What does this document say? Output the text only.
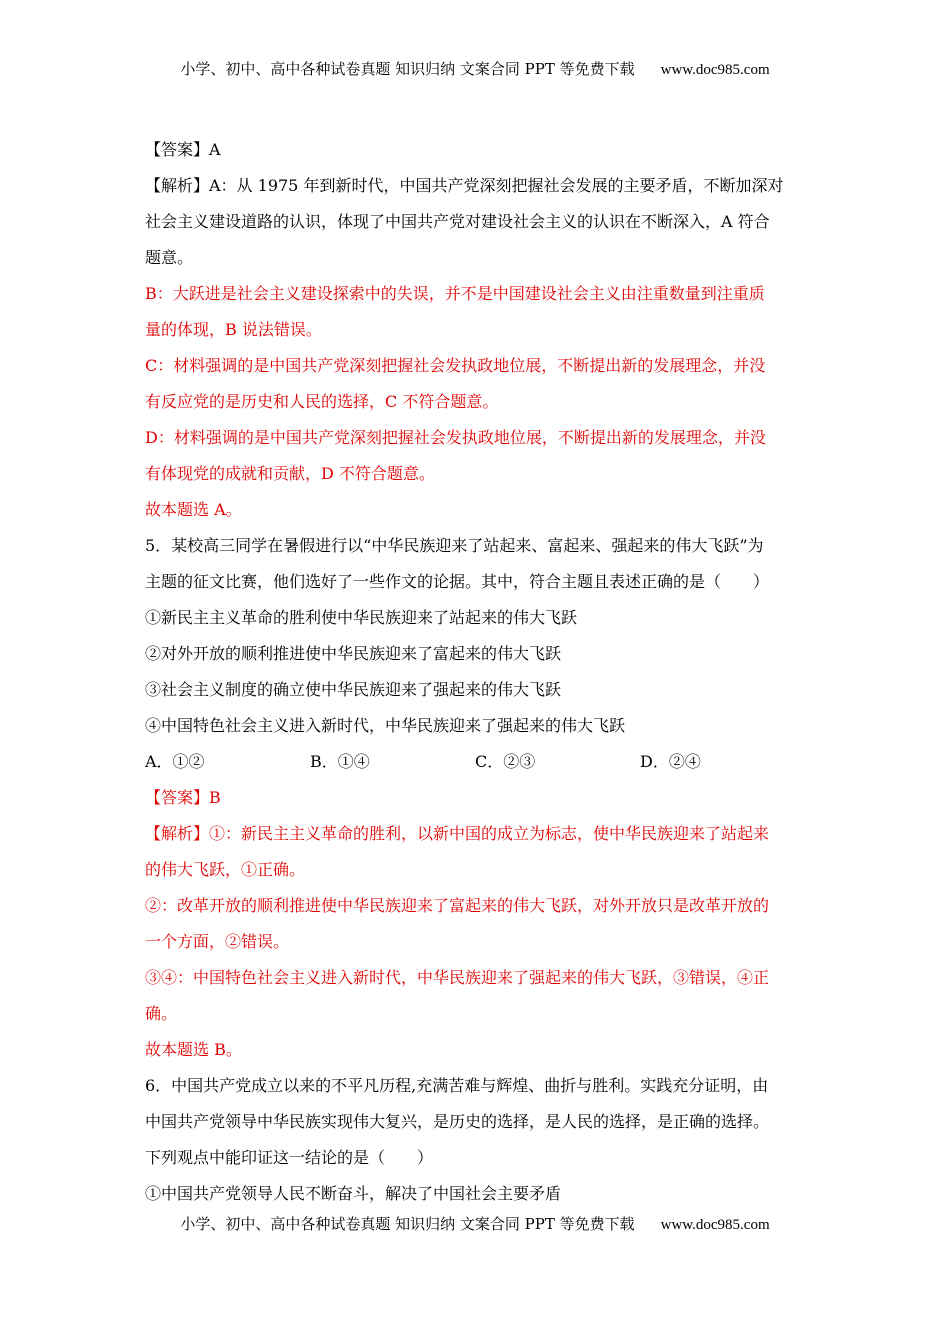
小学、初中、高中各种试卷真题 知识归纳 文案合同 PPT 等免费下载 www.doc985.com
【答案】A
【解析】A：从 1975 年到新时代，中国共产党深刻把握社会发展的主要矛盾，不断加深对
社会主义建设道路的认识，体现了中国共产党对建设社会主义的认识在不断深入，A 符合
题意。
B：大跃进是社会主义建设探索中的失误，并不是中国建设社会主义由注重数量到注重质
量的体现，B 说法错误。
C：材料强调的是中国共产党深刻把握社会发执政地位展，不断提出新的发展理念，并没
有反应党的是历史和人民的选择，C 不符合题意。
D：材料强调的是中国共产党深刻把握社会发执政地位展，不断提出新的发展理念，并没
有体现党的成就和贡献，D 不符合题意。
故本题选 A。
5．某校高三同学在暑假进行以“中华民族迎来了站起来、富起来、强起来的伟大飞跃”为
主题的征文比赛，他们选好了一些作文的论据。其中，符合主题且表述正确的是（　　）
①新民主主义革命的胜利使中华民族迎来了站起来的伟大飞跃
②对外开放的顺利推进使中华民族迎来了富起来的伟大飞跃
③社会主义制度的确立使中华民族迎来了强起来的伟大飞跃
④中国特色社会主义进入新时代，中华民族迎来了强起来的伟大飞跃
A．①②	B．①④	C．②③	D．②④
【答案】B
【解析】①：新民主主义革命的胜利，以新中国的成立为标志，使中华民族迎来了站起来
的伟大飞跃，①正确。
②：改革开放的顺利推进使中华民族迎来了富起来的伟大飞跃，对外开放只是改革开放的
一个方面，②错误。
③④：中国特色社会主义进入新时代，中华民族迎来了强起来的伟大飞跃，③错误，④正
确。
故本题选 B。
6．中国共产党成立以来的不平凡历程,充满苦难与辉煌、曲折与胜利。实践充分证明，由
中国共产党领导中华民族实现伟大复兴，是历史的选择，是人民的选择，是正确的选择。
下列观点中能印证这一结论的是（　　）
①中国共产党领导人民不断奋斗，解决了中国社会主要矛盾
小学、初中、高中各种试卷真题 知识归纳 文案合同 PPT 等免费下载 www.doc985.com
